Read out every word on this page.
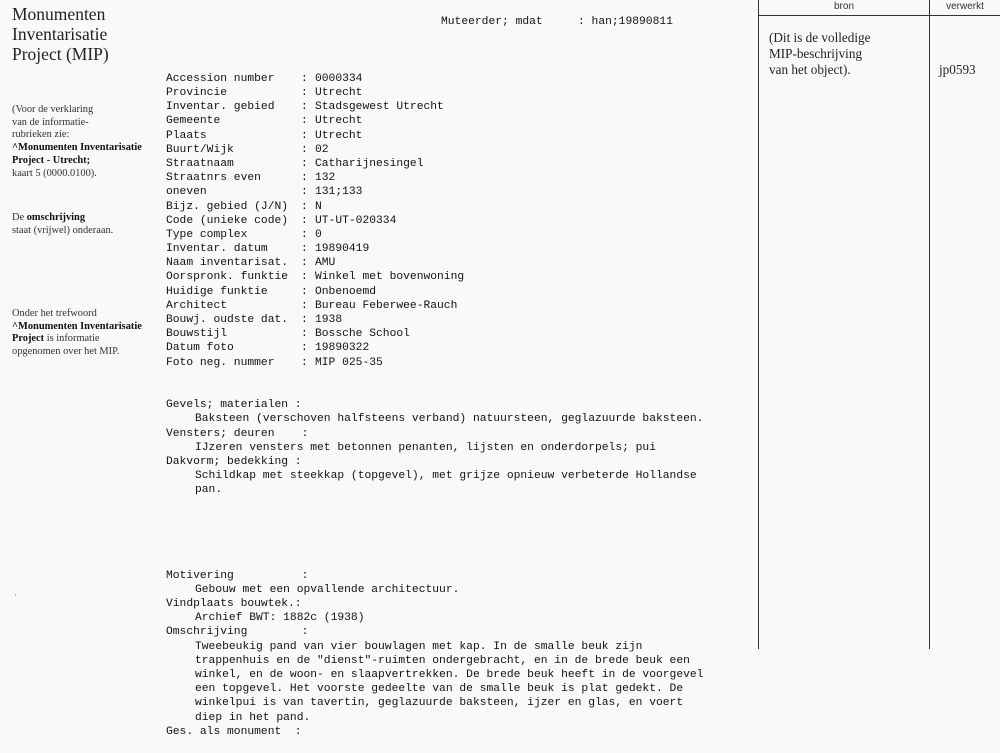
Monumenten
Inventarisatie
Project (MIP)
(Voor de verklaring
van de informatie-
rubrieken zie:
^Monumenten Inventarisatie
Project - Utrecht;
kaart 5 (0000.0100).
De omschrijving
staat (vrijwel) onderaan.
Onder het trefwoord
^Monumenten Inventarisatie
Project is informatie
opgenomen over het MIP.
·

Muteerder; mdat

	: han;19890811

Accession number	: 0000334
Provincie	: Utrecht
Inventar. gebied	: Stadsgewest Utrecht
Gemeente	: Utrecht
Plaats	: Utrecht
Buurt/Wijk	: 02
Straatnaam	: Catharijnesingel
Straatnrs even	: 132
oneven	: 131;133
Bijz. gebied (J/N)	: N
Code (unieke code)	: UT-UT-020334
Type complex	: 0
Inventar. datum	: 19890419
Naam inventarisat.	: AMU
Oorspronk. funktie	: Winkel met bovenwoning
Huidige funktie	: Onbenoemd
Architect	: Bureau Feberwee-Rauch
Bouwj. oudste dat.	: 1938
Bouwstijl	: Bossche School
Datum foto	: 19890322
Foto neg. nummer	: MIP 025-35

Gevels; materialen :
Baksteen (verschoven halfsteens verband) natuursteen, geglazuurde baksteen.
Vensters; deuren    :
IJzeren vensters met betonnen penanten, lijsten en onderdorpels; pui
Dakvorm; bedekking :
Schildkap met steekkap (topgevel), met grijze opnieuw verbeterde Hollandse
pan.

Motivering          :
Gebouw met een opvallende architectuur.
Vindplaats bouwtek.:
Archief BWT: 1882c (1938)
Omschrijving        :
Tweebeukig pand van vier bouwlagen met kap. In de smalle beuk zijn
trappenhuis en de "dienst"-ruimten ondergebracht, en in de brede beuk een
winkel, en de woon- en slaapvertrekken. De brede beuk heeft in de voorgevel
een topgevel. Het voorste gedeelte van de smalle beuk is plat gedekt. De
winkelpui is van tavertin, geglazuurde baksteen, ijzer en glas, en voert
diep in het pand.
Ges. als monument  :

bron	verwerkt
(Dit is de volledige
MIP-beschrijving
van het object).	jp0593
